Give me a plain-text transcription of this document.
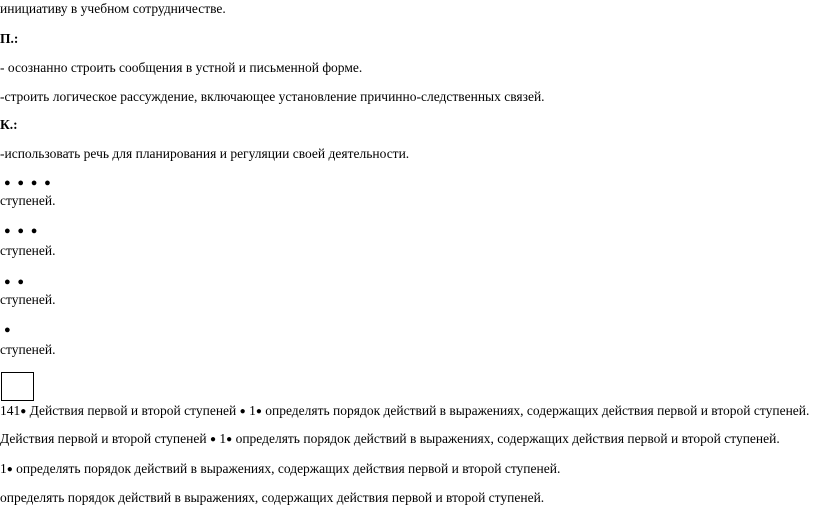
инициативу в учебном сотрудничестве.
П.:
- осознанно строить сообщения в устной и письменной форме.
-строить логическое рассуждение, включающее установление причинно-следственных связей.
К.:
-использовать речь для планирования и регуляции своей деятельности.
● ● ● ●
ступеней.
● ● ●
ступеней.
● ●
ступеней.
●
ступеней.
141● Действия первой и второй ступеней ● 1● определять порядок действий в выражениях, содержащих действия первой и второй ступеней.
Действия первой и второй ступеней ● 1● определять порядок действий в выражениях, содержащих действия первой и второй ступеней.
1● определять порядок действий в выражениях, содержащих действия первой и второй ступеней.
определять порядок действий в выражениях, содержащих действия первой и второй ступеней.
